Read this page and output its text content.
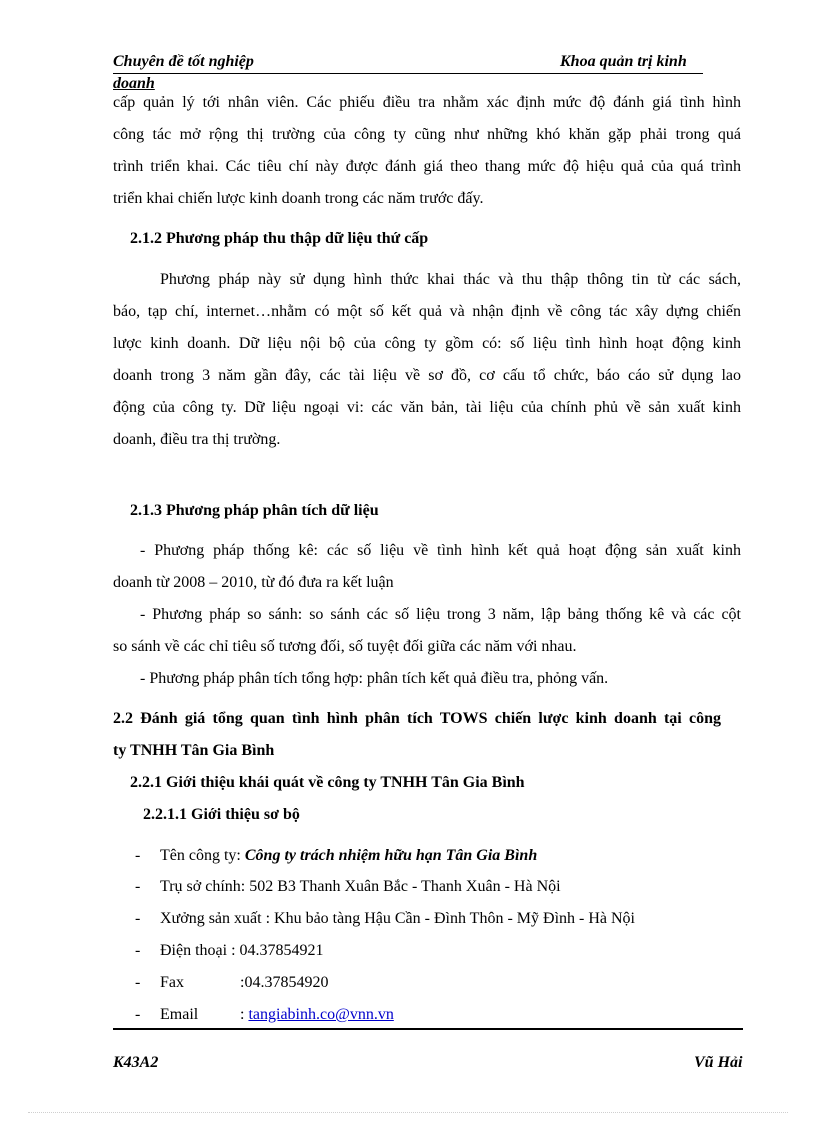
Chuyên đề tốt nghiệp	Khoa quản trị kinh
doanh
cấp quản lý tới nhân viên. Các phiếu điều tra nhằm xác định mức độ đánh giá tình hình
công tác mở rộng thị trường của công ty cũng như những khó khăn gặp phải trong quá
trình triển khai. Các tiêu chí này được đánh giá theo thang mức độ hiệu quả của quá trình
triển khai chiến lược kinh doanh trong các năm trước đấy.
2.1.2 Phương pháp thu thập dữ liệu thứ cấp
Phương pháp này sử dụng hình thức khai thác và thu thập thông tin từ các sách,
báo, tạp chí, internet…nhằm có một số kết quả và nhận định về công tác xây dựng chiến
lược kinh doanh. Dữ liệu nội bộ của công ty gồm có: số liệu tình hình hoạt động kinh
doanh trong 3 năm gần đây, các tài liệu về sơ đồ, cơ cấu tổ chức, báo cáo sử dụng lao
động của công ty. Dữ liệu ngoại vi: các văn bản, tài liệu của chính phủ về sản xuất kinh
doanh, điều tra thị trường.
2.1.3 Phương pháp phân tích dữ liệu
- Phương pháp thống kê: các số liệu về tình hình kết quả hoạt động sản xuất kinh
doanh từ 2008 – 2010, từ đó đưa ra kết luận
- Phương pháp so sánh: so sánh các số liệu trong 3 năm, lập bảng thống kê và các cột
so sánh về các chỉ tiêu số tương đối, số tuyệt đối giữa các năm với nhau.
- Phương pháp phân tích tổng hợp: phân tích kết quả điều tra, phỏng vấn.
2.2 Đánh giá tổng quan tình hình phân tích TOWS chiến lược kinh doanh tại công
ty TNHH Tân Gia Bình
2.2.1 Giới thiệu khái quát về công ty TNHH Tân Gia Bình
2.2.1.1 Giới thiệu sơ bộ
- Tên công ty: Công ty trách nhiệm hữu hạn Tân Gia Bình
- Trụ sở chính: 502 B3 Thanh Xuân Bắc - Thanh Xuân - Hà Nội
- Xưởng sản xuất : Khu bảo tàng Hậu Cần - Đình Thôn - Mỹ Đình - Hà Nội
- Điện thoại : 04.37854921
- Fax	:04.37854920
- Email	: tangiabinh.co@vnn.vn
K43A2	Vũ Hải
